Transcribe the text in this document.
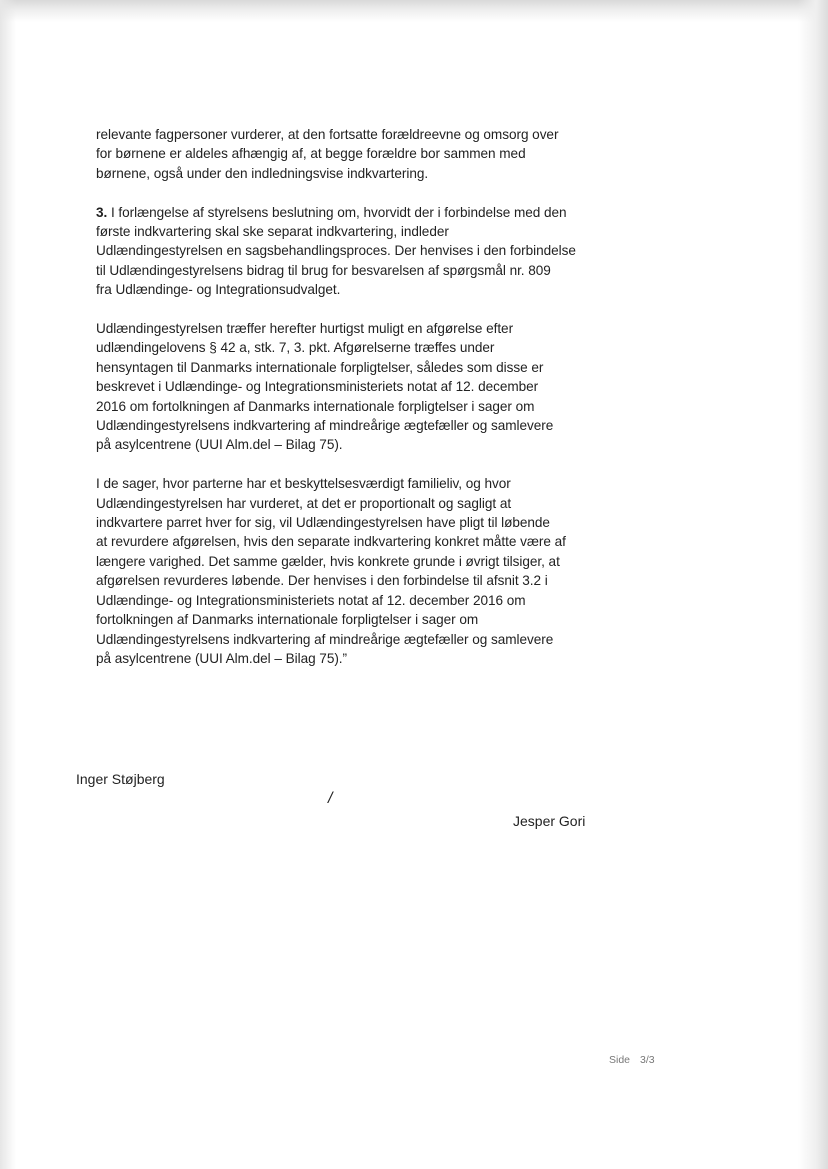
relevante fagpersoner vurderer, at den fortsatte forældreevne og omsorg over
for børnene er aldeles afhængig af, at begge forældre bor sammen med
børnene, også under den indledningsvise indkvartering.

3. I forlængelse af styrelsens beslutning om, hvorvidt der i forbindelse med den
første indkvartering skal ske separat indkvartering, indleder
Udlændingestyrelsen en sagsbehandlingsproces. Der henvises i den forbindelse
til Udlændingestyrelsens bidrag til brug for besvarelsen af spørgsmål nr. 809
fra Udlændinge- og Integrationsudvalget.

Udlændingestyrelsen træffer herefter hurtigst muligt en afgørelse efter
udlændingelovens § 42 a, stk. 7, 3. pkt. Afgørelserne træffes under
hensyntagen til Danmarks internationale forpligtelser, således som disse er
beskrevet i Udlændinge- og Integrationsministeriets notat af 12. december
2016 om fortolkningen af Danmarks internationale forpligtelser i sager om
Udlændingestyrelsens indkvartering af mindreårige ægtefæller og samlevere
på asylcentrene (UUI Alm.del – Bilag 75).

I de sager, hvor parterne har et beskyttelsesværdigt familieliv, og hvor
Udlændingestyrelsen har vurderet, at det er proportionalt og sagligt at
indkvartere parret hver for sig, vil Udlændingestyrelsen have pligt til løbende
at revurdere afgørelsen, hvis den separate indkvartering konkret måtte være af
længere varighed. Det samme gælder, hvis konkrete grunde i øvrigt tilsiger, at
afgørelsen revurderes løbende. Der henvises i den forbindelse til afsnit 3.2 i
Udlændinge- og Integrationsministeriets notat af 12. december 2016 om
fortolkningen af Danmarks internationale forpligtelser i sager om
Udlændingestyrelsens indkvartering af mindreårige ægtefæller og samlevere
på asylcentrene (UUI Alm.del – Bilag 75).”

Inger Støjberg
/
Jesper Gori
Side 3/3
